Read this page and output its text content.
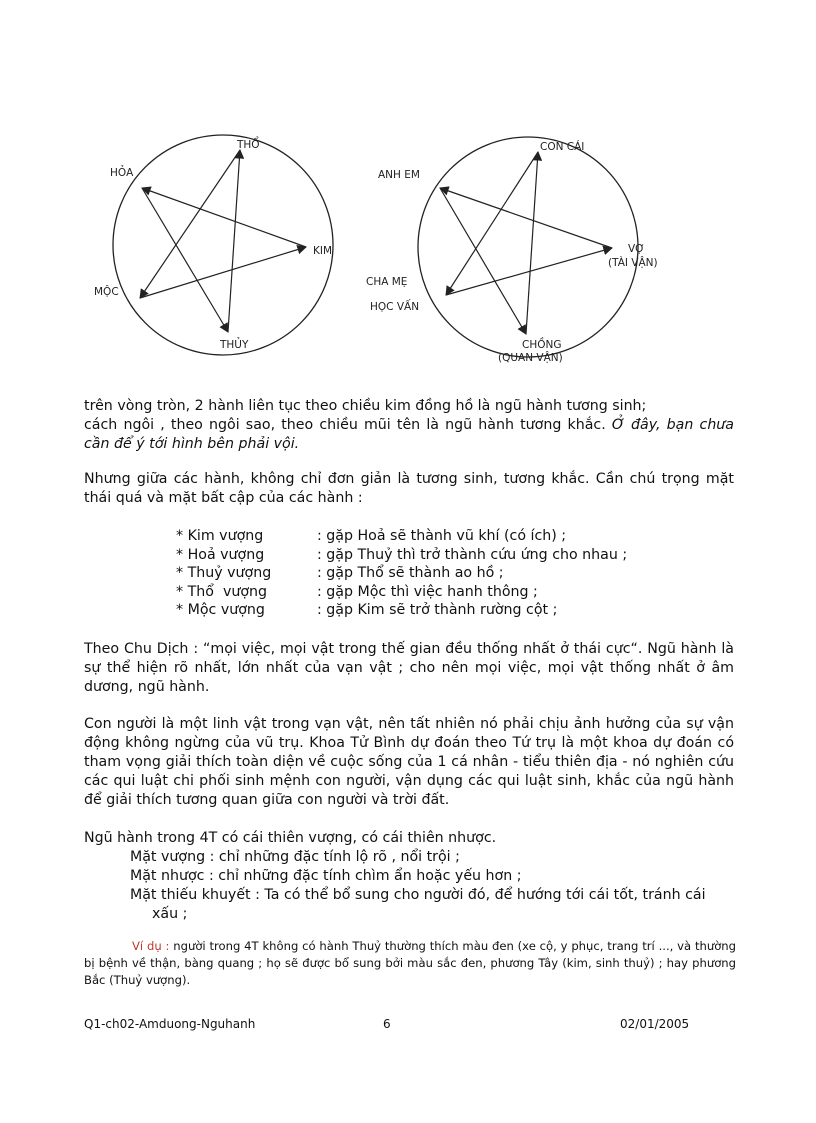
THỔ
HỎA
KIM
MỘC
THỦY
CON CÁI
ANH EM
VỢ
(TÀI VẬN)
CHA MẸ
HỌC VẤN
CHỒNG
(QUAN VẬN)
trên vòng tròn, 2 hành liên tục theo chiều kim đồng hồ là ngũ hành tương sinh;
cách ngôi , theo ngôi sao, theo chiều mũi tên là ngũ hành tương khắc. Ở đây, bạn chưa cần để ý tới hình bên phải vội.
Nhưng giữa các hành, không chỉ đơn giản là tương sinh, tương khắc. Cần chú trọng mặt thái quá và mặt bất cập của các hành :
* Kim vượng	: gặp Hoả sẽ thành vũ khí (có ích) ;
* Hoả vượng	: gặp Thuỷ thì trở thành cứu ứng cho nhau ;
* Thuỷ vượng	: gặp Thổ sẽ thành ao hồ ;
* Thổ  vượng	: gặp Mộc thì việc hanh thông ;
* Mộc vượng	: gặp Kim sẽ trở thành rường cột ;
Theo Chu Dịch : “mọi việc, mọi vật trong thế gian đều thống nhất ở thái cực“. Ngũ hành là sự thể hiện rõ nhất, lớn nhất của vạn vật ; cho nên mọi việc, mọi vật thống nhất ở âm dương, ngũ hành.
Con người là một linh vật trong vạn vật, nên tất nhiên nó phải chịu ảnh hưởng của sự vận động không ngừng của vũ trụ. Khoa Tử Bình dự đoán theo Tứ trụ là một khoa dự đoán có tham vọng giải thích toàn diện về cuộc sống của 1 cá nhân - tiểu thiên địa - nó nghiên cứu các qui luật chi phối sinh mệnh con người, vận dụng các qui luật sinh, khắc của ngũ hành để giải thích tương quan giữa con người và trời đất.
Ngũ hành trong 4T có cái thiên vượng, có cái thiên nhược.
Mặt vượng : chỉ những đặc tính lộ rõ , nổi trội ;
Mặt nhược : chỉ những đặc tính chìm ẩn hoặc yếu hơn ;
Mặt thiếu khuyết : Ta có thể bổ sung cho người đó, để hướng tới cái tốt, tránh cái
xấu ;
Ví dụ : người trong 4T không có hành Thuỷ thường thích màu đen (xe cộ, y phục, trang trí ..., và thường bị bệnh về thận, bàng quang ; họ sẽ được bổ sung bởi màu sắc đen, phương Tây (kim, sinh thuỷ) ; hay phương Bắc (Thuỷ vượng).
Q1-ch02-Amduong-Nguhanh	6	02/01/2005
